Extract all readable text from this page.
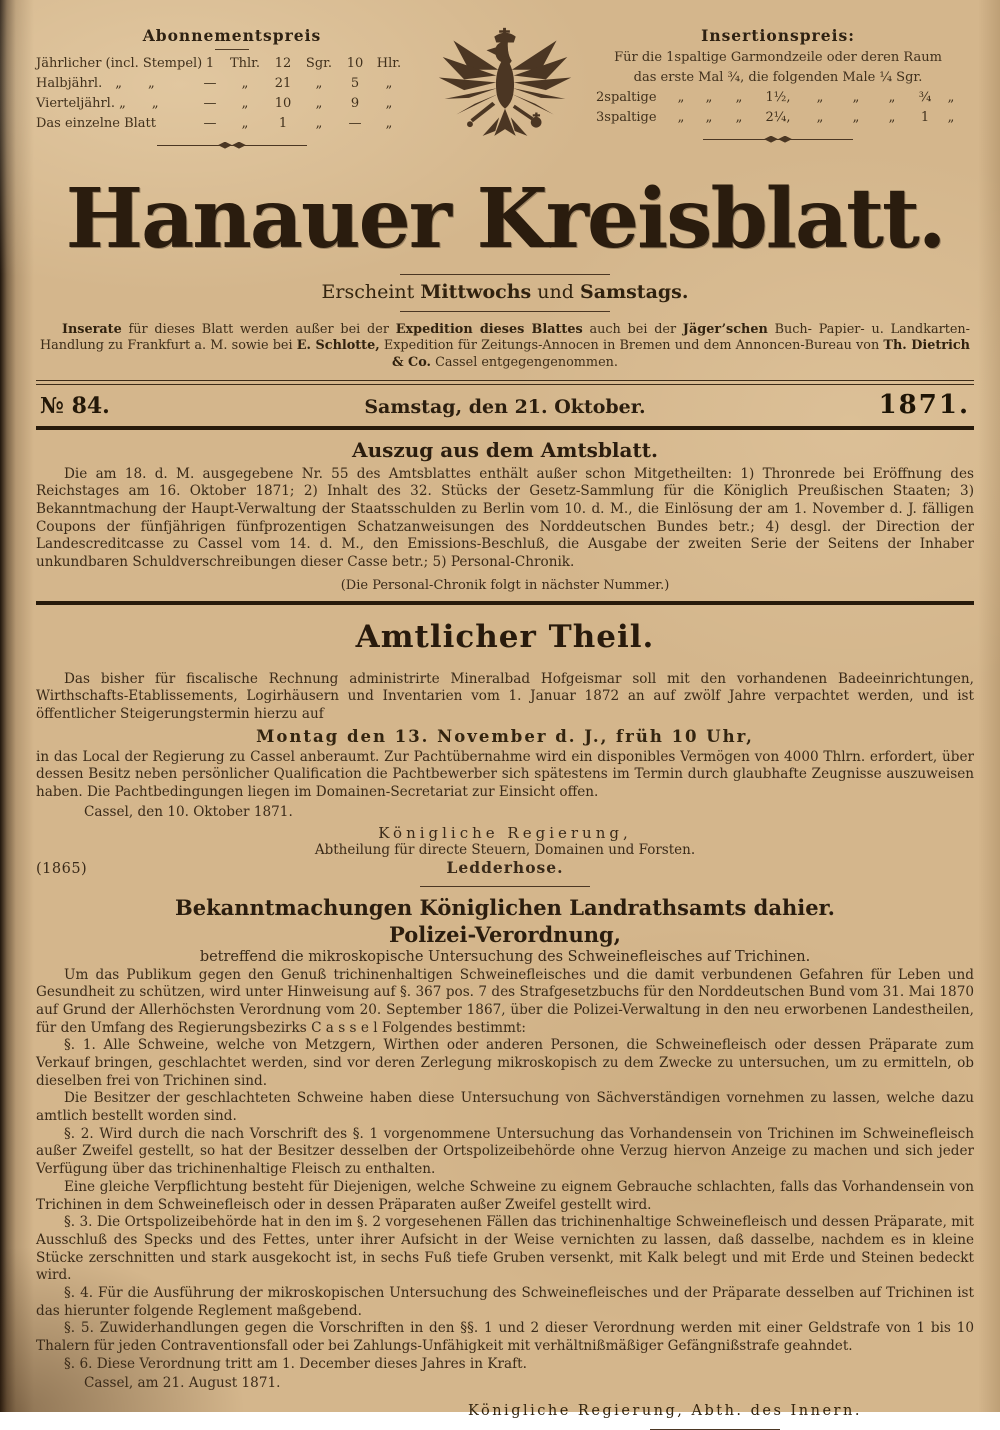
Abonnementspreis
Jährlicher (incl. Stempel) 1	Thlr.	12	Sgr.	10	Hlr.
Halbjährl. „  „	—	„	21	„	5	„
Vierteljährl. „  „	—	„	10	„	9	„
Das einzelne Blatt	—	„	1	„	—	„
Insertionspreis:
Für die 1spaltige Garmondzeile oder deren Raum
das erste Mal ¾, die folgenden Male ¼ Sgr.
2spaltige	„	„	„	1½,	„	„	„	¾	„
3spaltige	„	„	„	2¼,	„	„	„	1	„
Hanauer Kreisblatt.
Erscheint Mittwochs und Samstags.

Inserate für dieses Blatt werden außer bei der Expedition dieses Blattes auch bei der Jäger’schen Buch- Papier- u. Landkarten-Handlung zu Frankfurt a. M. sowie bei E. Schlotte, Expedition für Zeitungs-Annocen in Bremen und dem Annoncen-Bureau von Th. Dietrich & Co. Cassel entgegengenommen.

№ 84.	Samstag, den 21. Oktober.	1871.
Auszug aus dem Amtsblatt.

Die am 18. d. M. ausgegebene Nr. 55 des Amtsblattes enthält außer schon Mitgetheilten: 1) Thronrede bei Eröffnung des Reichstages am 16. Oktober 1871; 2) Inhalt des 32. Stücks der Gesetz-Sammlung für die Königlich Preußischen Staaten; 3) Bekanntmachung der Haupt-Verwaltung der Staatsschulden zu Berlin vom 10. d. M., die Einlösung der am 1. November d. J. fälligen Coupons der fünfjährigen fünfprozentigen Schatzanweisungen des Norddeutschen Bundes betr.; 4) desgl. der Direction der Landescreditcasse zu Cassel vom 14. d. M., den Emissions-Beschluß, die Ausgabe der zweiten Serie der Seitens der Inhaber unkundbaren Schuldverschreibungen dieser Casse betr.; 5) Personal-Chronik.

(Die Personal-Chronik folgt in nächster Nummer.)
Amtlicher Theil.

Das bisher für fiscalische Rechnung administrirte Mineralbad Hofgeismar soll mit den vorhandenen Badeeinrichtungen, Wirthschafts-Etablissements, Logirhäusern und Inventarien vom 1. Januar 1872 an auf zwölf Jahre verpachtet werden, und ist öffentlicher Steigerungstermin hierzu auf

Montag den 13. November d. J., früh 10 Uhr,

in das Local der Regierung zu Cassel anberaumt. Zur Pachtübernahme wird ein disponibles Vermögen von 4000 Thlrn. erfordert, über dessen Besitz neben persönlicher Qualification die Pachtbewerber sich spätestens im Termin durch glaubhafte Zeugnisse auszuweisen haben. Die Pachtbedingungen liegen im Domainen-Secretariat zur Einsicht offen.

Cassel, den 10. Oktober 1871.

Königliche Regierung,
Abtheilung für directe Steuern, Domainen und Forsten.
Ledderhose.
(1865)
Bekanntmachungen Königlichen Landrathsamts dahier.
Polizei-Verordnung,
betreffend die mikroskopische Untersuchung des Schweinefleisches auf Trichinen.

Um das Publikum gegen den Genuß trichinenhaltigen Schweinefleisches und die damit verbundenen Gefahren für Leben und Gesundheit zu schützen, wird unter Hinweisung auf §. 367 pos. 7 des Strafgesetzbuchs für den Norddeutschen Bund vom 31. Mai 1870 auf Grund der Allerhöchsten Verordnung vom 20. September 1867, über die Polizei-Verwaltung in den neu erworbenen Landestheilen, für den Umfang des Regierungsbezirks C a s s e l Folgendes bestimmt:

§. 1. Alle Schweine, welche von Metzgern, Wirthen oder anderen Personen, die Schweinefleisch oder dessen Präparate zum Verkauf bringen, geschlachtet werden, sind vor deren Zerlegung mikroskopisch zu dem Zwecke zu untersuchen, um zu ermitteln, ob dieselben frei von Trichinen sind.

Die Besitzer der geschlachteten Schweine haben diese Untersuchung von Sächverständigen vornehmen zu lassen, welche dazu amtlich bestellt worden sind.

§. 2. Wird durch die nach Vorschrift des §. 1 vorgenommene Untersuchung das Vorhandensein von Trichinen im Schweinefleisch außer Zweifel gestellt, so hat der Besitzer desselben der Ortspolizeibehörde ohne Verzug hiervon Anzeige zu machen und sich jeder Verfügung über das trichinenhaltige Fleisch zu enthalten.

Eine gleiche Verpflichtung besteht für Diejenigen, welche Schweine zu eignem Gebrauche schlachten, falls das Vorhandensein von Trichinen in dem Schweinefleisch oder in dessen Präparaten außer Zweifel gestellt wird.

§. 3. Die Ortspolizeibehörde hat in den im §. 2 vorgesehenen Fällen das trichinenhaltige Schweinefleisch und dessen Präparate, mit Ausschluß des Specks und des Fettes, unter ihrer Aufsicht in der Weise vernichten zu lassen, daß dasselbe, nachdem es in kleine Stücke zerschnitten und stark ausgekocht ist, in sechs Fuß tiefe Gruben versenkt, mit Kalk belegt und mit Erde und Steinen bedeckt wird.

§. 4. Für die Ausführung der mikroskopischen Untersuchung des Schweinefleisches und der Präparate desselben auf Trichinen ist das hierunter folgende Reglement maßgebend.

§. 5. Zuwiderhandlungen gegen die Vorschriften in den §§. 1 und 2 dieser Verordnung werden mit einer Geldstrafe von 1 bis 10 Thalern für jeden Contraventionsfall oder bei Zahlungs-Unfähigkeit mit verhältnißmäßiger Gefängnißstrafe geahndet.

§. 6. Diese Verordnung tritt am 1. December dieses Jahres in Kraft.

Cassel, am 21. August 1871.

Königliche Regierung, Abth. des Innern.
